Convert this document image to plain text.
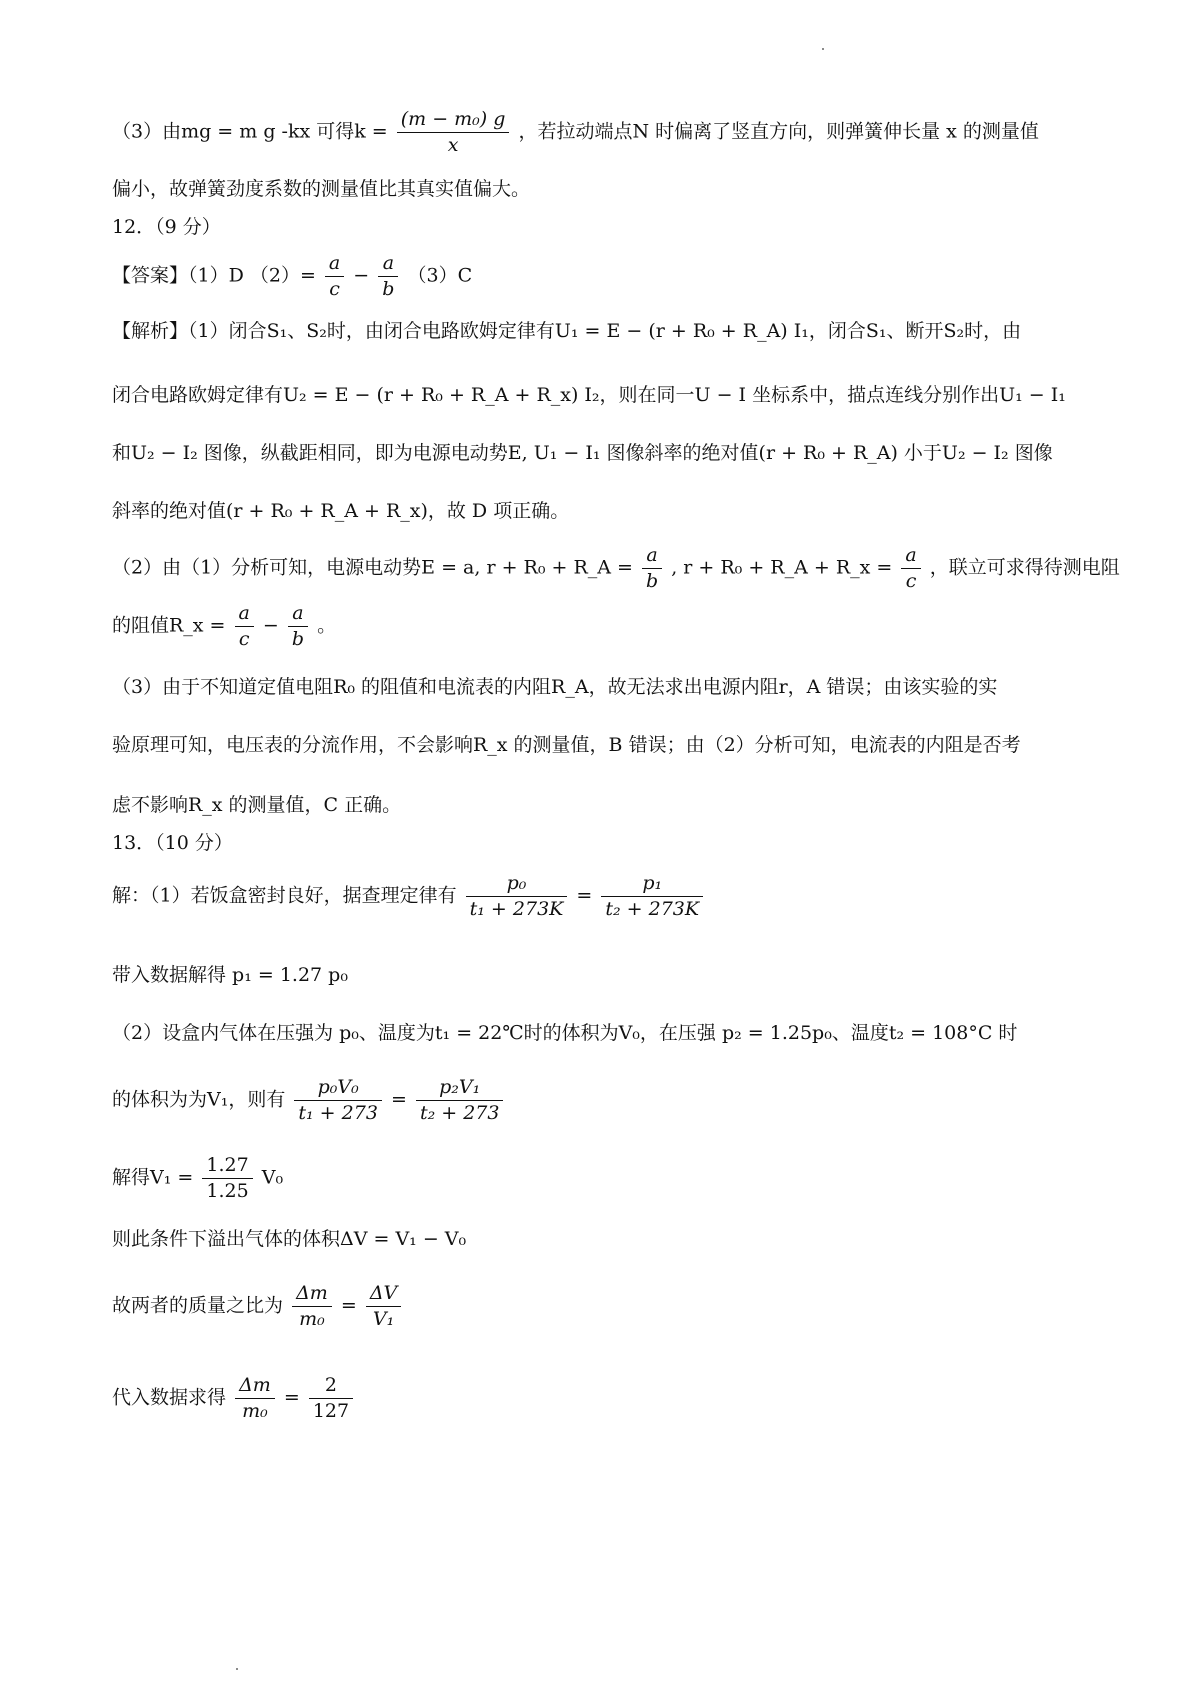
（3）由mg = m g -kx 可得$k = \frac{\text{(m − m₀) g}}{x}$ ，若拉动端点N 时偏离了竖直方向，则弹簧伸长量 x 的测量值
偏小，故弹簧劲度系数的测量值比其真实值偏大。
12．（9 分）
【答案】（1）D $(2)= \frac{a}{c} - \frac{a}{b} (3)C$
【解析】（1）闭合S₁、S₂时，由闭合电路欧姆定律有U₁ = E − (r + R₀ + R_A) I₁，闭合S₁、断开S₂时，由
闭合电路欧姆定律有U₂ = E − (r + R₀ + R_A + R_x) I₂，则在同一U − I 坐标系中，描点连线分别作出U₁ − I₁
和U₂ − I₂ 图像，纵截距相同，即为电源电动势E, U₁ − I₁ 图像斜率的绝对值(r + R₀ + R_A) 小于U₂ − I₂ 图像
斜率的绝对值(r + R₀ + R_A + R_x)，故 D 项正确。
（2）由（1）分析可知，电源电动势E = a, r + R₀ + R_A = $\frac{a}{b}$ , r + R₀ + R_A + R_x = $\frac{a}{c}$ ，联立可求得待测电阻
的阻值R_x = $\frac{a}{c} - \frac{a}{b}$ 。
（3）由于不知道定值电阻R₀ 的阻值和电流表的内阻R_A，故无法求出电源内阻r，A 错误；由该实验的实
验原理可知，电压表的分流作用，不会影响R_x 的测量值，B 错误；由（2）分析可知，电流表的内阻是否考
虑不影响R_x 的测量值，C 正确。
13．（10 分）
解：（1）若饭盒密封良好，据查理定律有 $\frac{\text{p₀}}{\text{t₁ + 273K}} = \frac{\text{p₁}}{\text{t₂ + 273K}}$
带入数据解得 p₁ = 1.27 p₀
（2）设盒内气体在压强为 p₀、温度为t₁ = 22℃时的体积为V₀，在压强 p₂ = 1.25p₀、温度t₂ = 108°C 时
的体积为为V₁，则有 $\frac{\text{p₀V₀}}{\text{t₁ + 273}} = \frac{\text{p₂V₁}}{\text{t₂ + 273}}$
解得$V_1 = \frac{1.27}{1.25} V_0$
则此条件下溢出气体的体积ΔV = V₁ − V₀
故两者的质量之比为 $\frac{\Delta m}{\text{m₀}} = \frac{\Delta V}{\text{V₁}}$
代入数据求得 $\frac{\Delta m}{\text{m₀}} = \frac{2}{127}$
